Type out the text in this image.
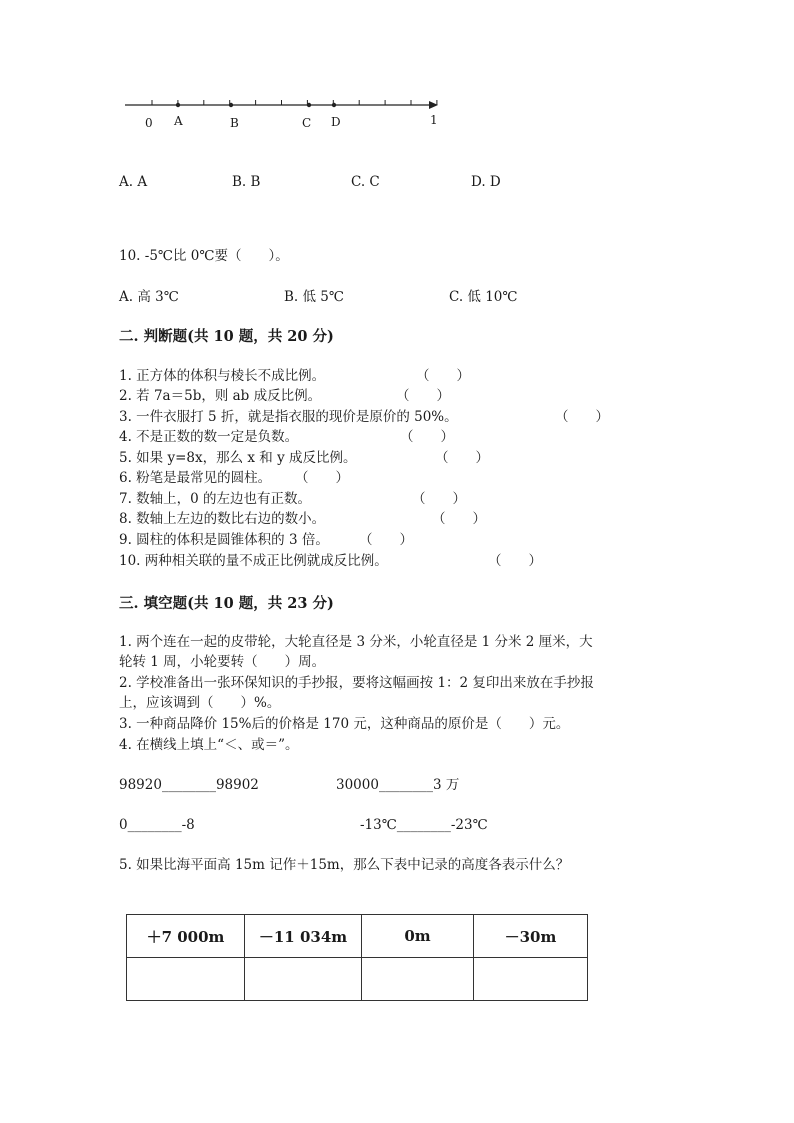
0 A	B	C D	1
A. A	B. B	C. C	D. D
10. -5℃比 0℃要（　　）。
A. 高 3℃	B. 低 5℃	C. 低 10℃
二. 判断题(共 10 题，共 20 分)
1. 正方体的体积与棱长不成比例。	（　　）
2. 若 7a＝5b，则 ab 成反比例。	（　　）
3. 一件衣服打 5 折，就是指衣服的现价是原价的 50%。	（　　）
4. 不是正数的数一定是负数。	（　　）
5. 如果 y=8x，那么 x 和 y 成反比例。	（　　）
6. 粉笔是最常见的圆柱。 （　　）
7. 数轴上，0 的左边也有正数。	（　　）
8. 数轴上左边的数比右边的数小。	（　　）
9. 圆柱的体积是圆锥体积的 3 倍。 （　　）
10. 两种相关联的量不成正比例就成反比例。	（　　）
三. 填空题(共 10 题，共 23 分)
1. 两个连在一起的皮带轮，大轮直径是 3 分米，小轮直径是 1 分米 2 厘米，大
轮转 1 周，小轮要转（　　）周。
2. 学校准备出一张环保知识的手抄报，要将这幅画按 1：2 复印出来放在手抄报
上，应该调到（　　）%。
3. 一种商品降价 15%后的价格是 170 元，这种商品的原价是（　　）元。
4. 在横线上填上“＜、或＝”。
98920________98902	30000________3 万
0________-8	-13℃________-23℃
5. 如果比海平面高 15m 记作＋15m，那么下表中记录的高度各表示什么？
＋7 000m	－11 034m	0m	－30m
